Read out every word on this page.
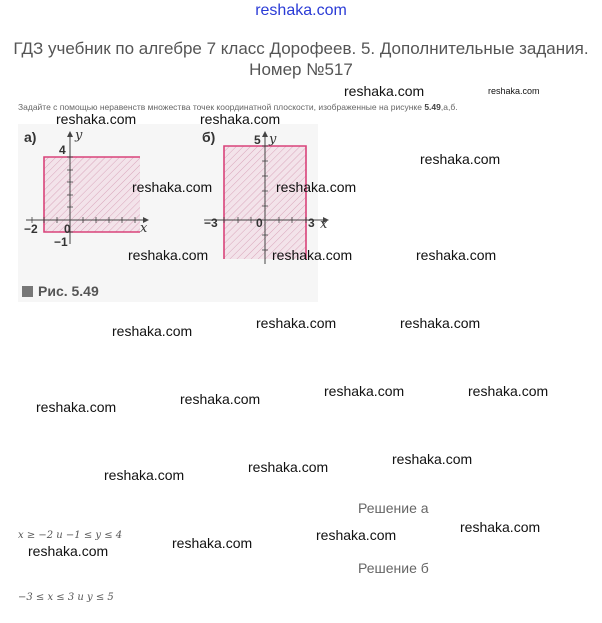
reshaka.com
ГДЗ учебник по алгебре 7 класс Дорофеев. 5. Дополнительные задания. Номер №517
Задайте с помощью неравенств множества точек координатной плоскости, изображенные на рисунке 5.49,а,б.
а)	y
x
0
−2
4
−1
б)	y
x
0
−3	3
5
Рис. 5.49
reshaka.com	reshaka.com
reshaka.com	reshaka.com
reshaka.com
reshaka.com	reshaka.com
reshaka.com	reshaka.com	reshaka.com
reshaka.com	reshaka.com	reshaka.com
reshaka.com	reshaka.com
reshaka.com
reshaka.com
reshaka.com
reshaka.com
reshaka.com
reshaka.com
reshaka.com
reshaka.com
reshaka.com
Решение а
x ≥ −2 и −1 ≤ y ≤ 4
Решение б
−3 ≤ x ≤ 3 и y ≤ 5
